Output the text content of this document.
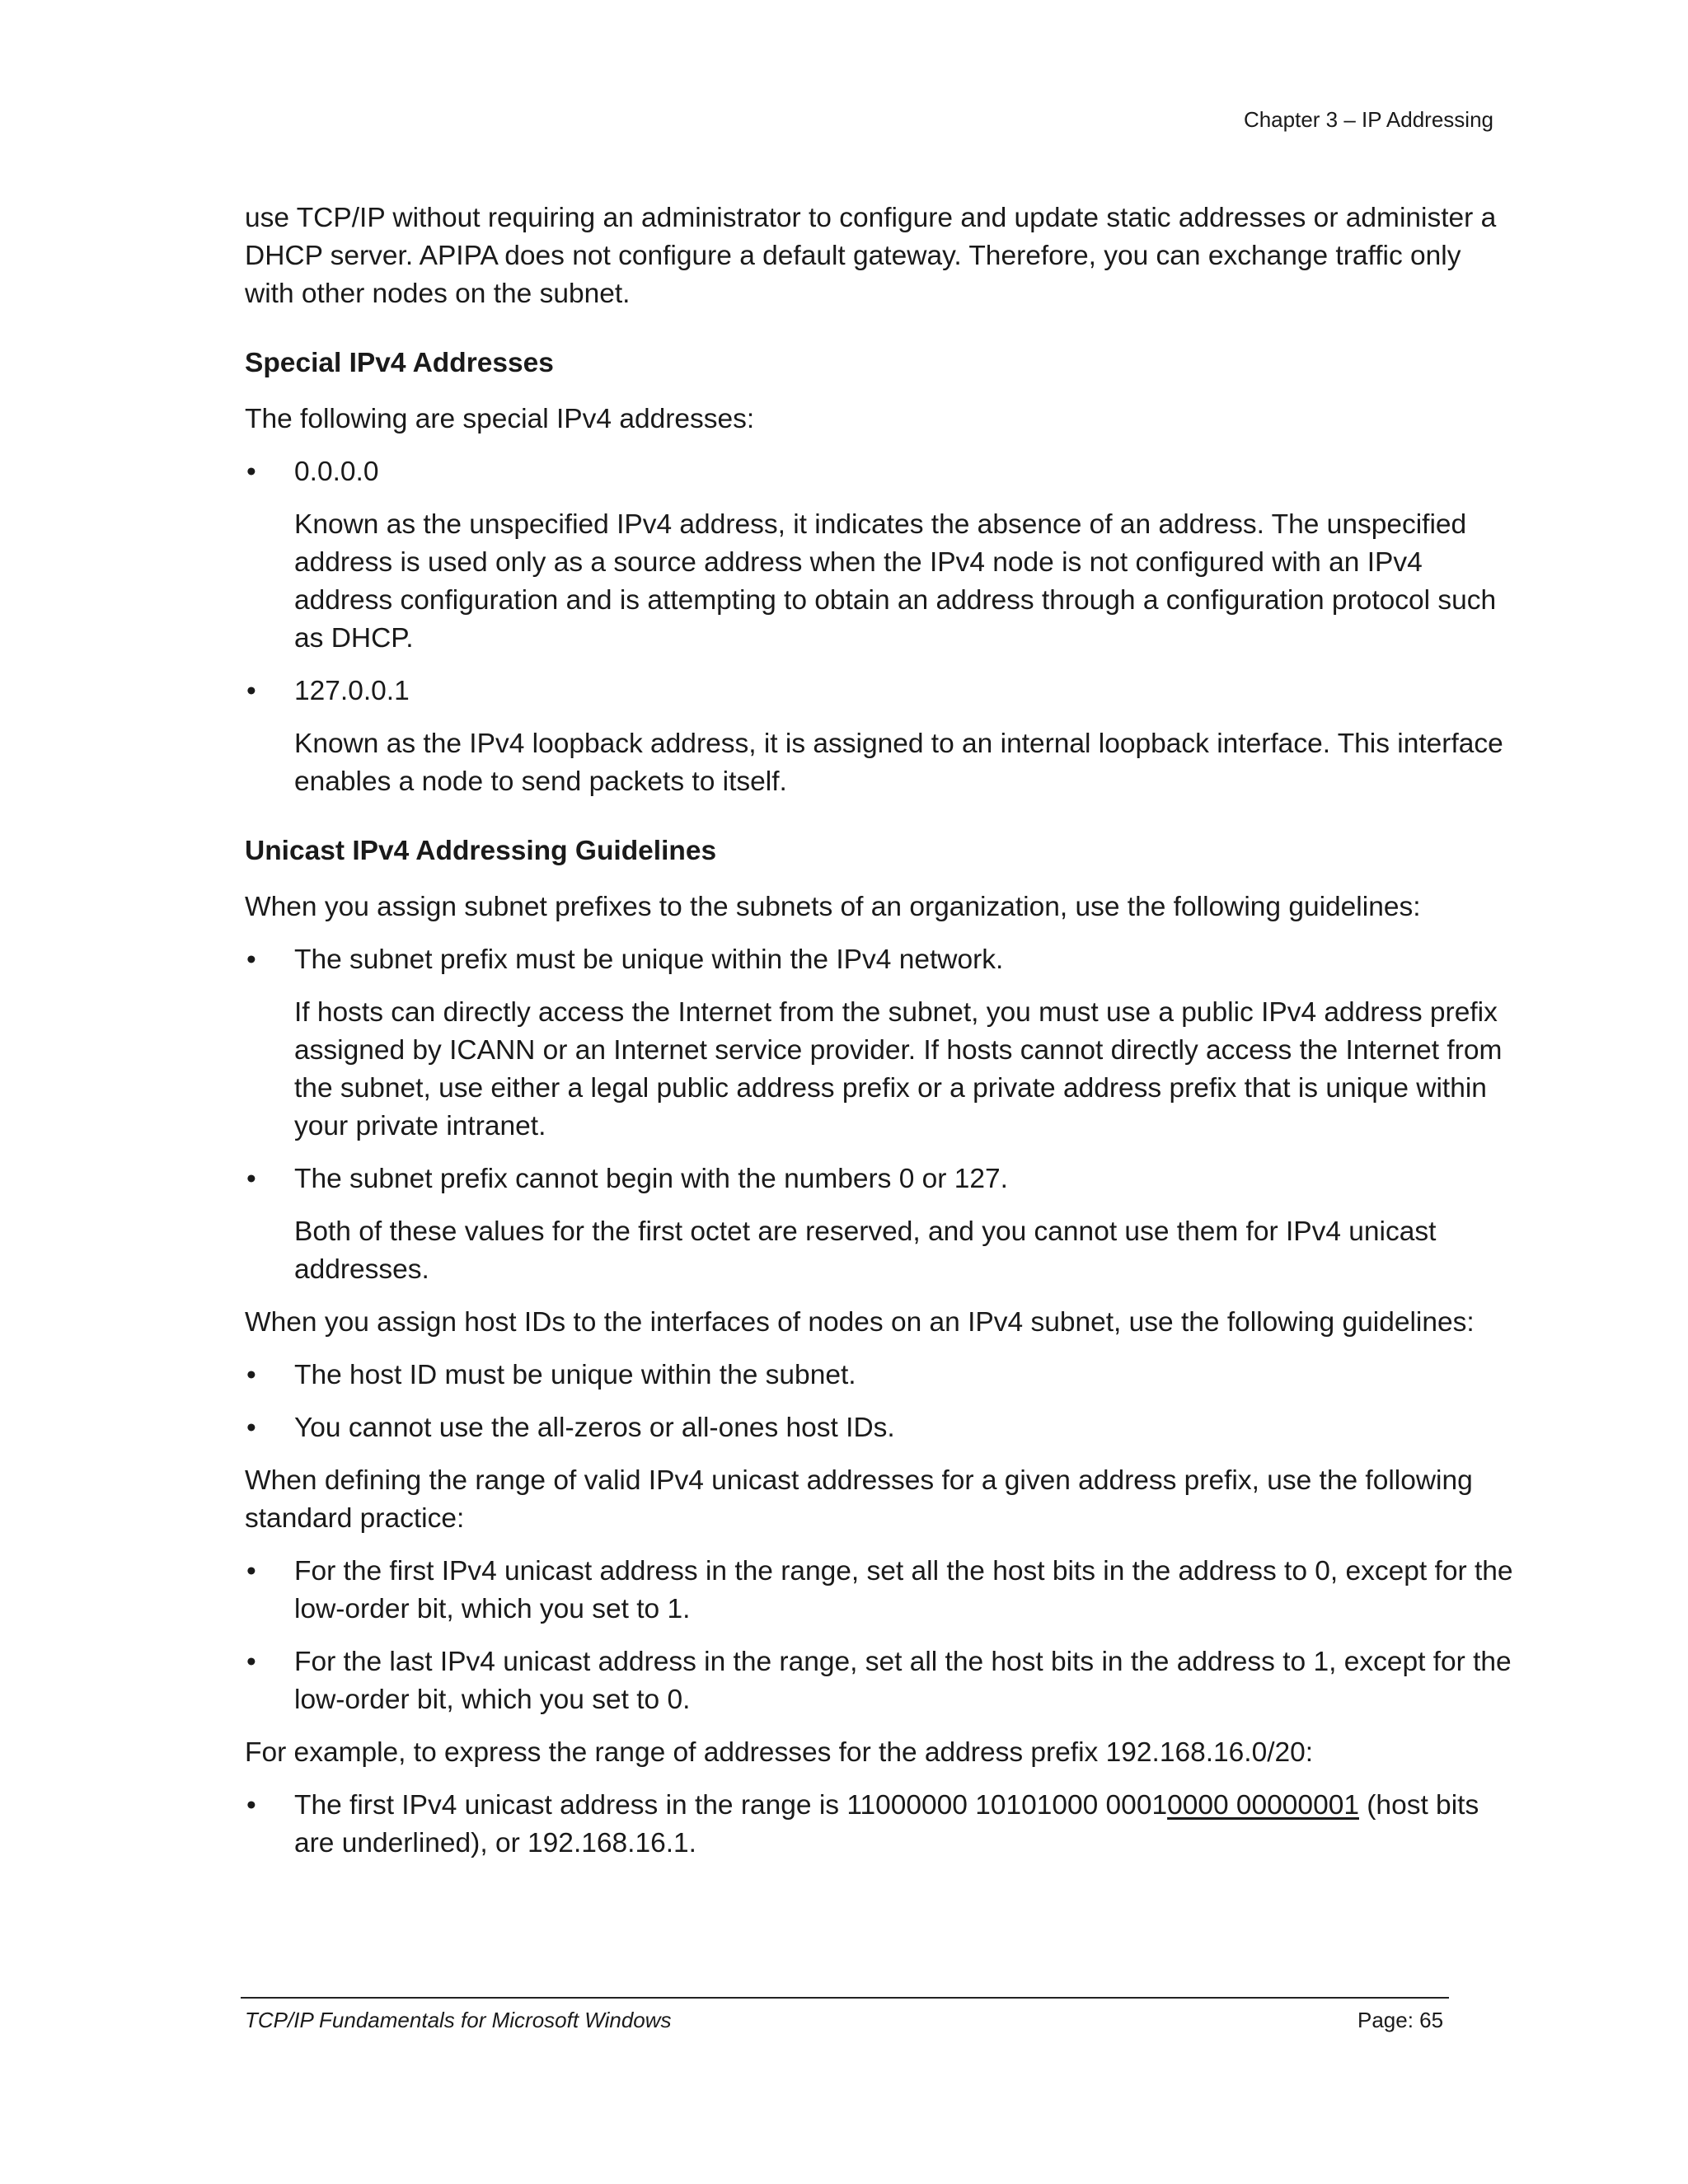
Chapter 3 – IP Addressing

use TCP/IP without requiring an administrator to configure and update static addresses or administer a DHCP server. APIPA does not configure a default gateway. Therefore, you can exchange traffic only with other nodes on the subnet.

Special IPv4 Addresses

The following are special IPv4 addresses:

• 0.0.0.0

Known as the unspecified IPv4 address, it indicates the absence of an address. The unspecified address is used only as a source address when the IPv4 node is not configured with an IPv4 address configuration and is attempting to obtain an address through a configuration protocol such as DHCP.

• 127.0.0.1

Known as the IPv4 loopback address, it is assigned to an internal loopback interface. This interface enables a node to send packets to itself.

Unicast IPv4 Addressing Guidelines

When you assign subnet prefixes to the subnets of an organization, use the following guidelines:

• The subnet prefix must be unique within the IPv4 network.

If hosts can directly access the Internet from the subnet, you must use a public IPv4 address prefix assigned by ICANN or an Internet service provider. If hosts cannot directly access the Internet from the subnet, use either a legal public address prefix or a private address prefix that is unique within your private intranet.

• The subnet prefix cannot begin with the numbers 0 or 127.

Both of these values for the first octet are reserved, and you cannot use them for IPv4 unicast addresses.

When you assign host IDs to the interfaces of nodes on an IPv4 subnet, use the following guidelines:

• The host ID must be unique within the subnet.
• You cannot use the all-zeros or all-ones host IDs.

When defining the range of valid IPv4 unicast addresses for a given address prefix, use the following standard practice:

• For the first IPv4 unicast address in the range, set all the host bits in the address to 0, except for the low-order bit, which you set to 1.
• For the last IPv4 unicast address in the range, set all the host bits in the address to 1, except for the low-order bit, which you set to 0.

For example, to express the range of addresses for the address prefix 192.168.16.0/20:

• The first IPv4 unicast address in the range is 11000000 10101000 00010000 00000001 (host bits are underlined), or 192.168.16.1.
TCP/IP Fundamentals for Microsoft Windows	Page: 65
